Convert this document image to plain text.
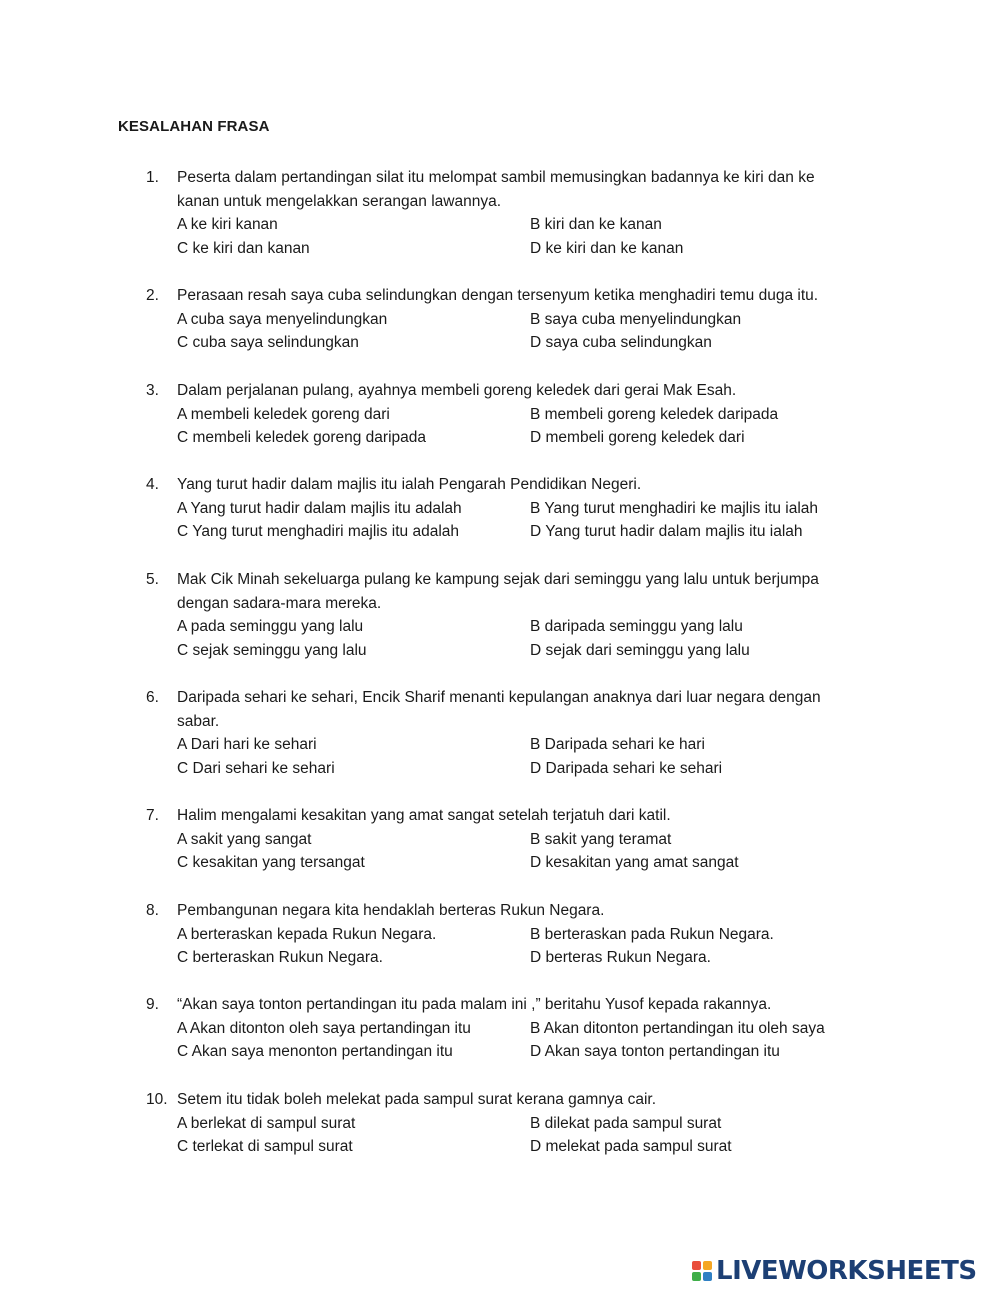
KESALAHAN FRASA
1. Peserta dalam pertandingan silat itu melompat sambil memusingkan badannya ke kiri dan ke
kanan untuk mengelakkan serangan lawannya.
A ke kiri kanan	B kiri dan ke kanan
C ke kiri dan kanan	D ke kiri dan ke kanan
2. Perasaan resah saya cuba selindungkan dengan tersenyum ketika menghadiri temu duga itu.
A cuba saya menyelindungkan	B saya cuba menyelindungkan
C cuba saya selindungkan	D saya cuba selindungkan
3. Dalam perjalanan pulang, ayahnya membeli goreng keledek dari gerai Mak Esah.
A membeli keledek goreng dari	B membeli goreng keledek daripada
C membeli keledek goreng daripada	D membeli goreng keledek dari
4. Yang turut hadir dalam majlis itu ialah Pengarah Pendidikan Negeri.
A Yang turut hadir dalam majlis itu adalah	B Yang turut menghadiri ke majlis itu ialah
C Yang turut menghadiri majlis itu adalah	D Yang turut hadir dalam majlis itu ialah
5. Mak Cik Minah sekeluarga pulang ke kampung sejak dari seminggu yang lalu untuk berjumpa
dengan sadara-mara mereka.
A pada seminggu yang lalu	B daripada seminggu yang lalu
C sejak seminggu yang lalu	D sejak dari seminggu yang lalu
6. Daripada sehari ke sehari, Encik Sharif menanti kepulangan anaknya dari luar negara dengan
sabar.
A Dari hari ke sehari	B Daripada sehari ke hari
C Dari sehari ke sehari	D Daripada sehari ke sehari
7. Halim mengalami kesakitan yang amat sangat setelah terjatuh dari katil.
A sakit yang sangat	B sakit yang teramat
C kesakitan yang tersangat	D kesakitan yang amat sangat
8. Pembangunan negara kita hendaklah berteras Rukun Negara.
A berteraskan kepada Rukun Negara.	B berteraskan pada Rukun Negara.
C berteraskan Rukun Negara.	D berteras Rukun Negara.
9. “Akan saya tonton pertandingan itu pada malam ini ,” beritahu Yusof kepada rakannya.
A Akan ditonton oleh saya pertandingan itu	B Akan ditonton pertandingan itu oleh saya
C Akan saya menonton pertandingan itu	D Akan saya tonton pertandingan itu
10. Setem itu tidak boleh melekat pada sampul surat kerana gamnya cair.
A berlekat di sampul surat	B dilekat pada sampul surat
C terlekat di sampul surat	D melekat pada sampul surat
LIVEWORKSHEETS
